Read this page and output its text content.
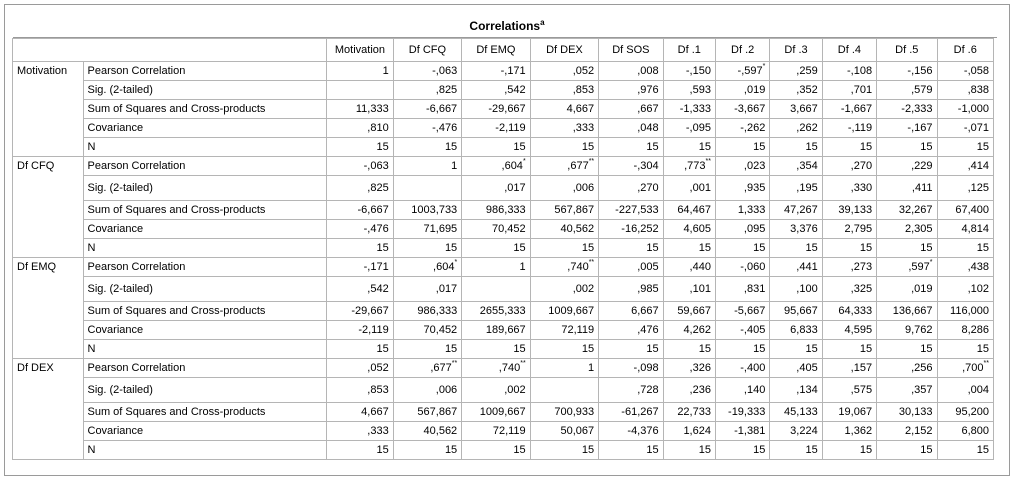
Correlations$^a$
		Motivation	Df CFQ	Df EMQ	Df DEX	Df SOS	Df .1	Df .2	Df .3	Df .4	Df .5	Df .6
Motivation	Pearson Correlation	1	-,063	-,171	,052	,008	-,150	-,597*	,259	-,108	-,156	-,058
	Sig. (2-tailed)		,825	,542	,853	,976	,593	,019	,352	,701	,579	,838
	Sum of Squares and Cross-products	11,333	-6,667	-29,667	4,667	,667	-1,333	-3,667	3,667	-1,667	-2,333	-1,000
	Covariance	,810	-,476	-2,119	,333	,048	-,095	-,262	,262	-,119	-,167	-,071
	N	15	15	15	15	15	15	15	15	15	15	15
Df CFQ	Pearson Correlation	-,063	1	,604*	,677**	-,304	,773**	,023	,354	,270	,229	,414
	Sig. (2-tailed)	,825		,017	,006	,270	,001	,935	,195	,330	,411	,125
	Sum of Squares and Cross-products	-6,667	1003,733	986,333	567,867	-227,533	64,467	1,333	47,267	39,133	32,267	67,400
	Covariance	-,476	71,695	70,452	40,562	-16,252	4,605	,095	3,376	2,795	2,305	4,814
	N	15	15	15	15	15	15	15	15	15	15	15
Df EMQ	Pearson Correlation	-,171	,604*	1	,740**	,005	,440	-,060	,441	,273	,597*	,438
	Sig. (2-tailed)	,542	,017		,002	,985	,101	,831	,100	,325	,019	,102
	Sum of Squares and Cross-products	-29,667	986,333	2655,333	1009,667	6,667	59,667	-5,667	95,667	64,333	136,667	116,000
	Covariance	-2,119	70,452	189,667	72,119	,476	4,262	-,405	6,833	4,595	9,762	8,286
	N	15	15	15	15	15	15	15	15	15	15	15
Df DEX	Pearson Correlation	,052	,677**	,740**	1	-,098	,326	-,400	,405	,157	,256	,700**
	Sig. (2-tailed)	,853	,006	,002		,728	,236	,140	,134	,575	,357	,004
	Sum of Squares and Cross-products	4,667	567,867	1009,667	700,933	-61,267	22,733	-19,333	45,133	19,067	30,133	95,200
	Covariance	,333	40,562	72,119	50,067	-4,376	1,624	-1,381	3,224	1,362	2,152	6,800
	N	15	15	15	15	15	15	15	15	15	15	15
